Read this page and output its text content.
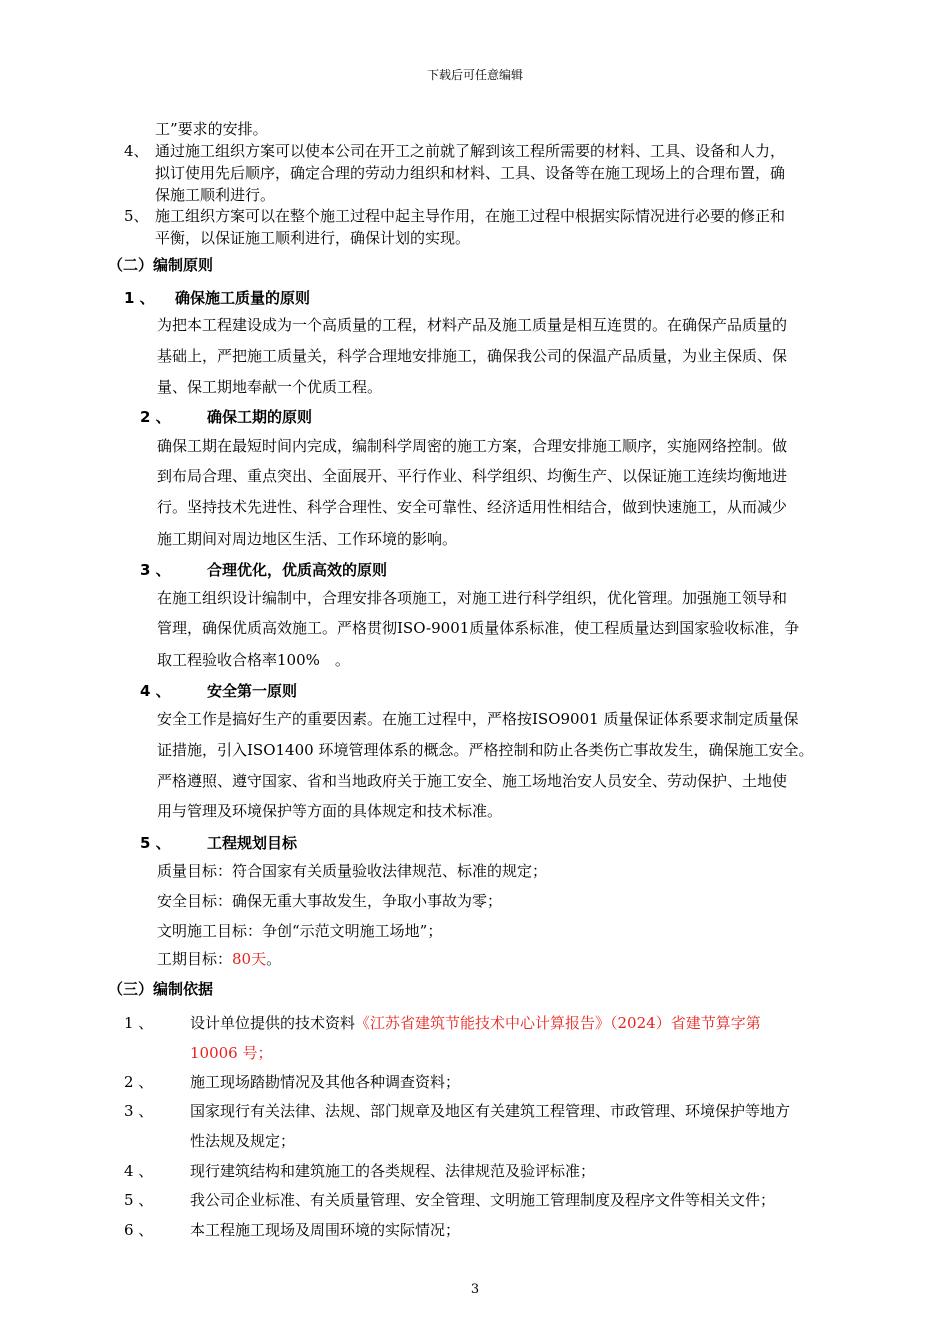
下载后可任意编辑
工”要求的安排。
4、 通过施工组织方案可以使本公司在开工之前就了解到该工程所需要的材料、工具、设备和人力，
拟订使用先后顺序，确定合理的劳动力组织和材料、工具、设备等在施工现场上的合理布置，确
保施工顺利进行。
5、 施工组织方案可以在整个施工过程中起主导作用，在施工过程中根据实际情况进行必要的修正和
平衡，以保证施工顺利进行，确保计划的实现。
（二）编制原则
1 、 确保施工质量的原则
为把本工程建设成为一个高质量的工程，材料产品及施工质量是相互连贯的。在确保产品质量的
基础上，严把施工质量关，科学合理地安排施工，确保我公司的保温产品质量，为业主保质、保
量、保工期地奉献一个优质工程。
2 、 确保工期的原则
确保工期在最短时间内完成，编制科学周密的施工方案，合理安排施工顺序，实施网络控制。做
到布局合理、重点突出、全面展开、平行作业、科学组织、均衡生产、以保证施工连续均衡地进
行。坚持技术先进性、科学合理性、安全可靠性、经济适用性相结合，做到快速施工，从而减少
施工期间对周边地区生活、工作环境的影响。
3 、 合理优化，优质高效的原则
在施工组织设计编制中，合理安排各项施工，对施工进行科学组织，优化管理。加强施工领导和
管理，确保优质高效施工。严格贯彻ISO-9001质量体系标准，使工程质量达到国家验收标准，争
取工程验收合格率100%　。
4 、 安全第一原则
安全工作是搞好生产的重要因素。在施工过程中，严格按ISO9001 质量保证体系要求制定质量保
证措施，引入ISO1400 环境管理体系的概念。严格控制和防止各类伤亡事故发生，确保施工安全。
严格遵照、遵守国家、省和当地政府关于施工安全、施工场地治安人员安全、劳动保护、土地使
用与管理及环境保护等方面的具体规定和技术标准。
5 、 工程规划目标
质量目标：符合国家有关质量验收法律规范、标准的规定；
安全目标：确保无重大事故发生，争取小事故为零；
文明施工目标：争创“示范文明施工场地”；
工期目标：80天。
（三）编制依据
1 、 设计单位提供的技术资料《江苏省建筑节能技术中心计算报告》（2024）省建节算字第
10006 号；
2 、 施工现场踏勘情况及其他各种调查资料；
3 、 国家现行有关法律、法规、部门规章及地区有关建筑工程管理、市政管理、环境保护等地方
性法规及规定；
4 、 现行建筑结构和建筑施工的各类规程、法律规范及验评标准；
5 、 我公司企业标准、有关质量管理、安全管理、文明施工管理制度及程序文件等相关文件；
6 、 本工程施工现场及周围环境的实际情况；
3
